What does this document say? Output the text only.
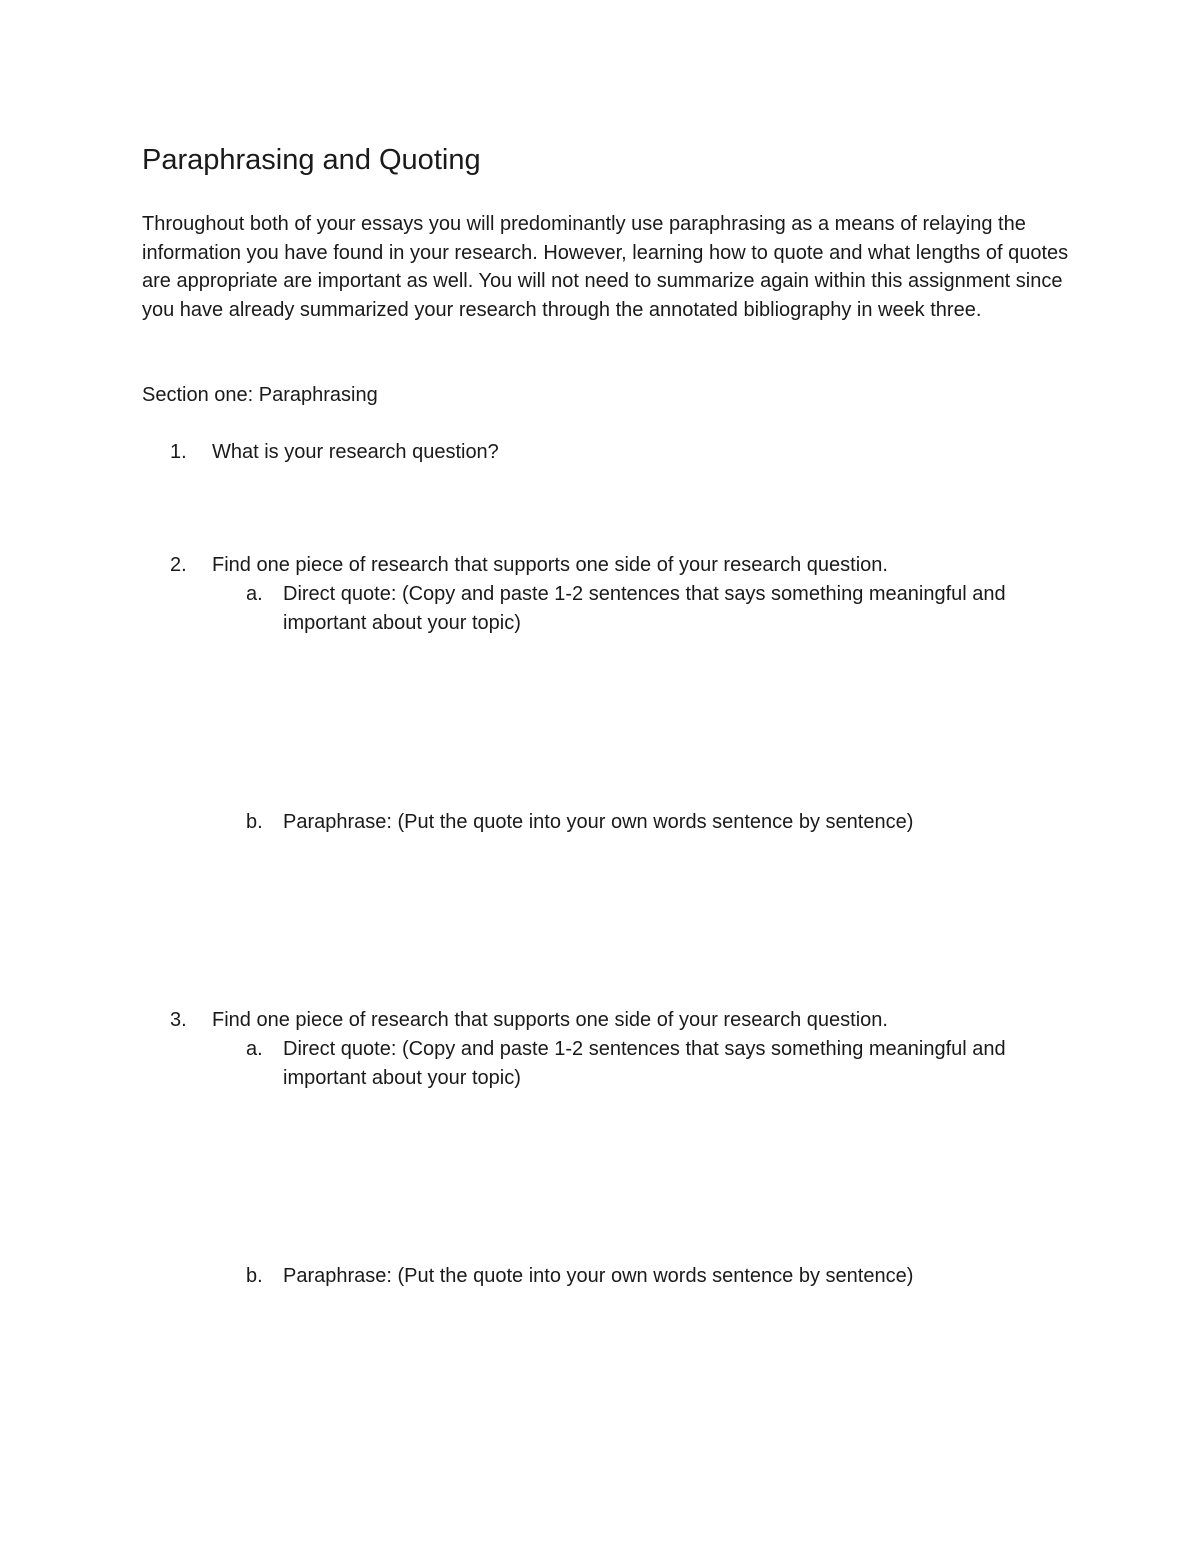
Paraphrasing and Quoting

Throughout both of your essays you will predominantly use paraphrasing as a means of relaying the information you have found in your research. However, learning how to quote and what lengths of quotes are appropriate are important as well. You will not need to summarize again within this assignment since you have already summarized your research through the annotated bibliography in week three.

Section one: Paraphrasing

1. What is your research question?
2. Find one piece of research that supports one side of your research question.
a. Direct quote: (Copy and paste 1-2 sentences that says something meaningful and important about your topic)
b. Paraphrase: (Put the quote into your own words sentence by sentence)
3. Find one piece of research that supports one side of your research question.
a. Direct quote: (Copy and paste 1-2 sentences that says something meaningful and important about your topic)
b. Paraphrase: (Put the quote into your own words sentence by sentence)
